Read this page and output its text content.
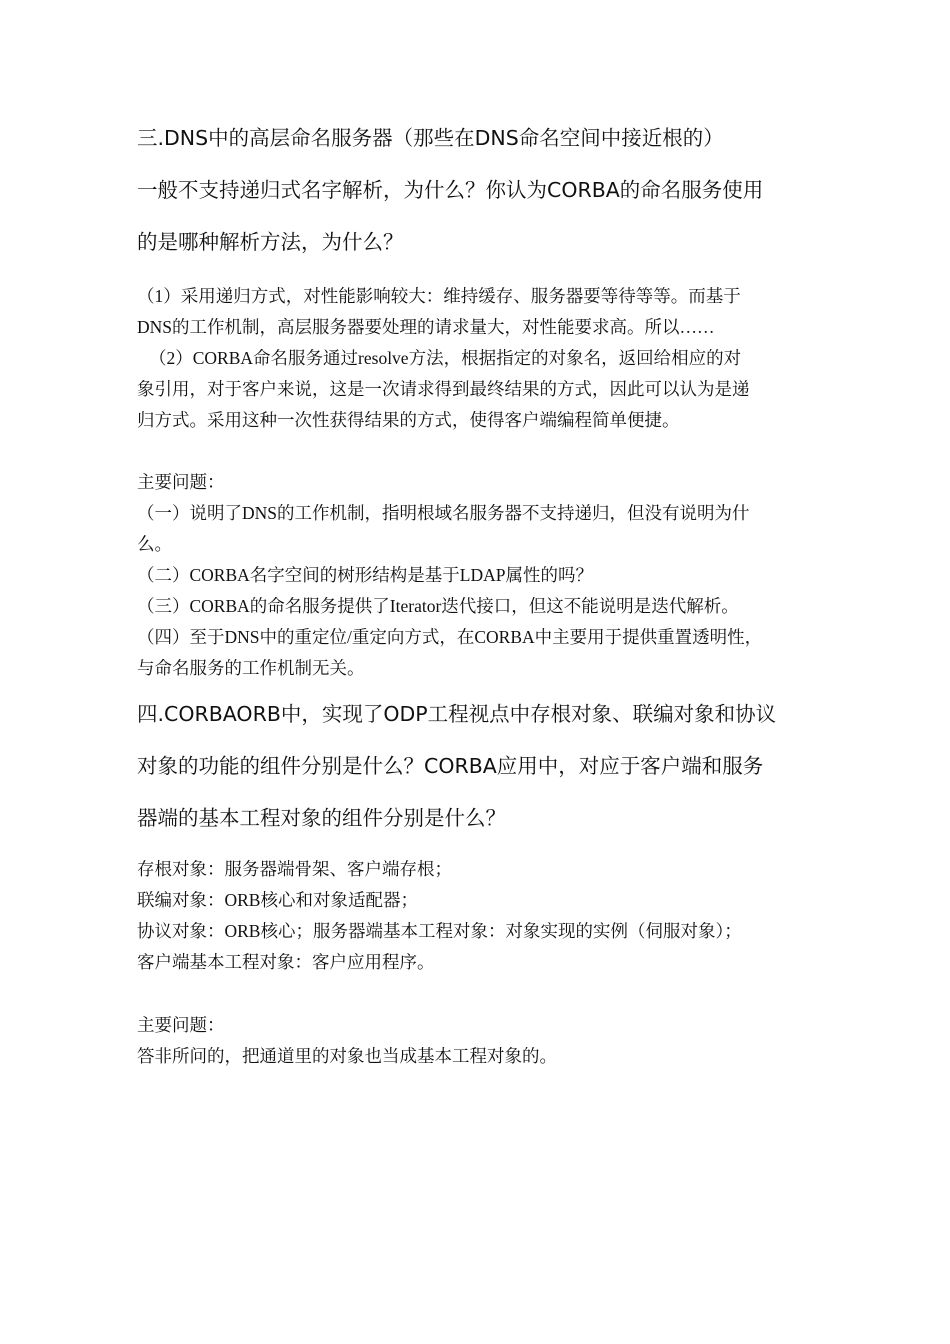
三.DNS中的高层命名服务器（那些在DNS命名空间中接近根的）
一般不支持递归式名字解析，为什么？你认为CORBA的命名服务使用
的是哪种解析方法，为什么？

（1）采用递归方式，对性能影响较大：维持缓存、服务器要等待等等。而基于

DNS的工作机制，高层服务器要处理的请求量大，对性能要求高。所以……

（2）CORBA命名服务通过resolve方法，根据指定的对象名，返回给相应的对

象引用，对于客户来说，这是一次请求得到最终结果的方式，因此可以认为是递

归方式。采用这种一次性获得结果的方式，使得客户端编程简单便捷。

主要问题：

（一）说明了DNS的工作机制，指明根域名服务器不支持递归，但没有说明为什

么。

（二）CORBA名字空间的树形结构是基于LDAP属性的吗？

（三）CORBA的命名服务提供了Iterator迭代接口，但这不能说明是迭代解析。

（四）至于DNS中的重定位/重定向方式，在CORBA中主要用于提供重置透明性，

与命名服务的工作机制无关。

四.CORBAORB中，实现了ODP工程视点中存根对象、联编对象和协议
对象的功能的组件分别是什么？CORBA应用中，对应于客户端和服务
器端的基本工程对象的组件分别是什么？

存根对象：服务器端骨架、客户端存根；

联编对象：ORB核心和对象适配器；

协议对象：ORB核心；服务器端基本工程对象：对象实现的实例（伺服对象）；

客户端基本工程对象：客户应用程序。

主要问题：

答非所问的，把通道里的对象也当成基本工程对象的。
